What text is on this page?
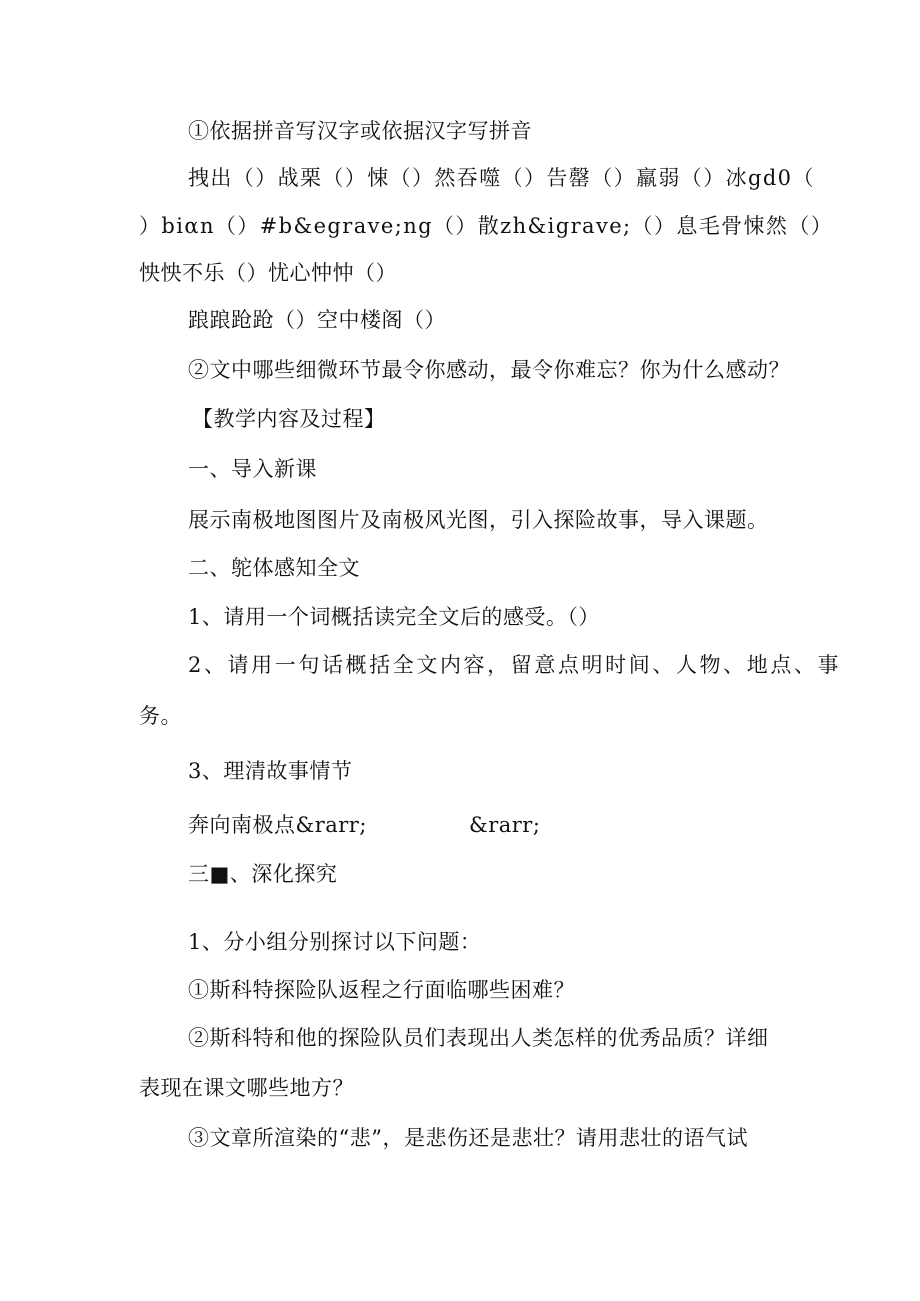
①依据拼音写汉字或依据汉字写拼音

拽出（）战栗（）悚（）然吞噬（）告罄（）羸弱（）冰gd0（

）biαn（）#b&egrave;ng（）散zh&igrave;（）息毛骨悚然（）

怏怏不乐（）忧心忡忡（）

踉踉跄跄（）空中楼阁（）

②文中哪些细微环节最令你感动，最令你难忘？你为什么感动？

【教学内容及过程】

一、导入新课

展示南极地图图片及南极风光图，引入探险故事，导入课题。

二、鸵体感知全文

1、请用一个词概括读完全文后的感受。（）

2、请用一句话概括全文内容，留意点明时间、人物、地点、事

务。

3、理清故事情节

奔向南极点&rarr;	&rarr;

三■、深化探究

1、分小组分别探讨以下问题：

①斯科特探险队返程之行面临哪些困难？

②斯科特和他的探险队员们表现出人类怎样的优秀品质？详细

表现在课文哪些地方？

③文章所渲染的“悲”，是悲伤还是悲壮？请用悲壮的语气试
